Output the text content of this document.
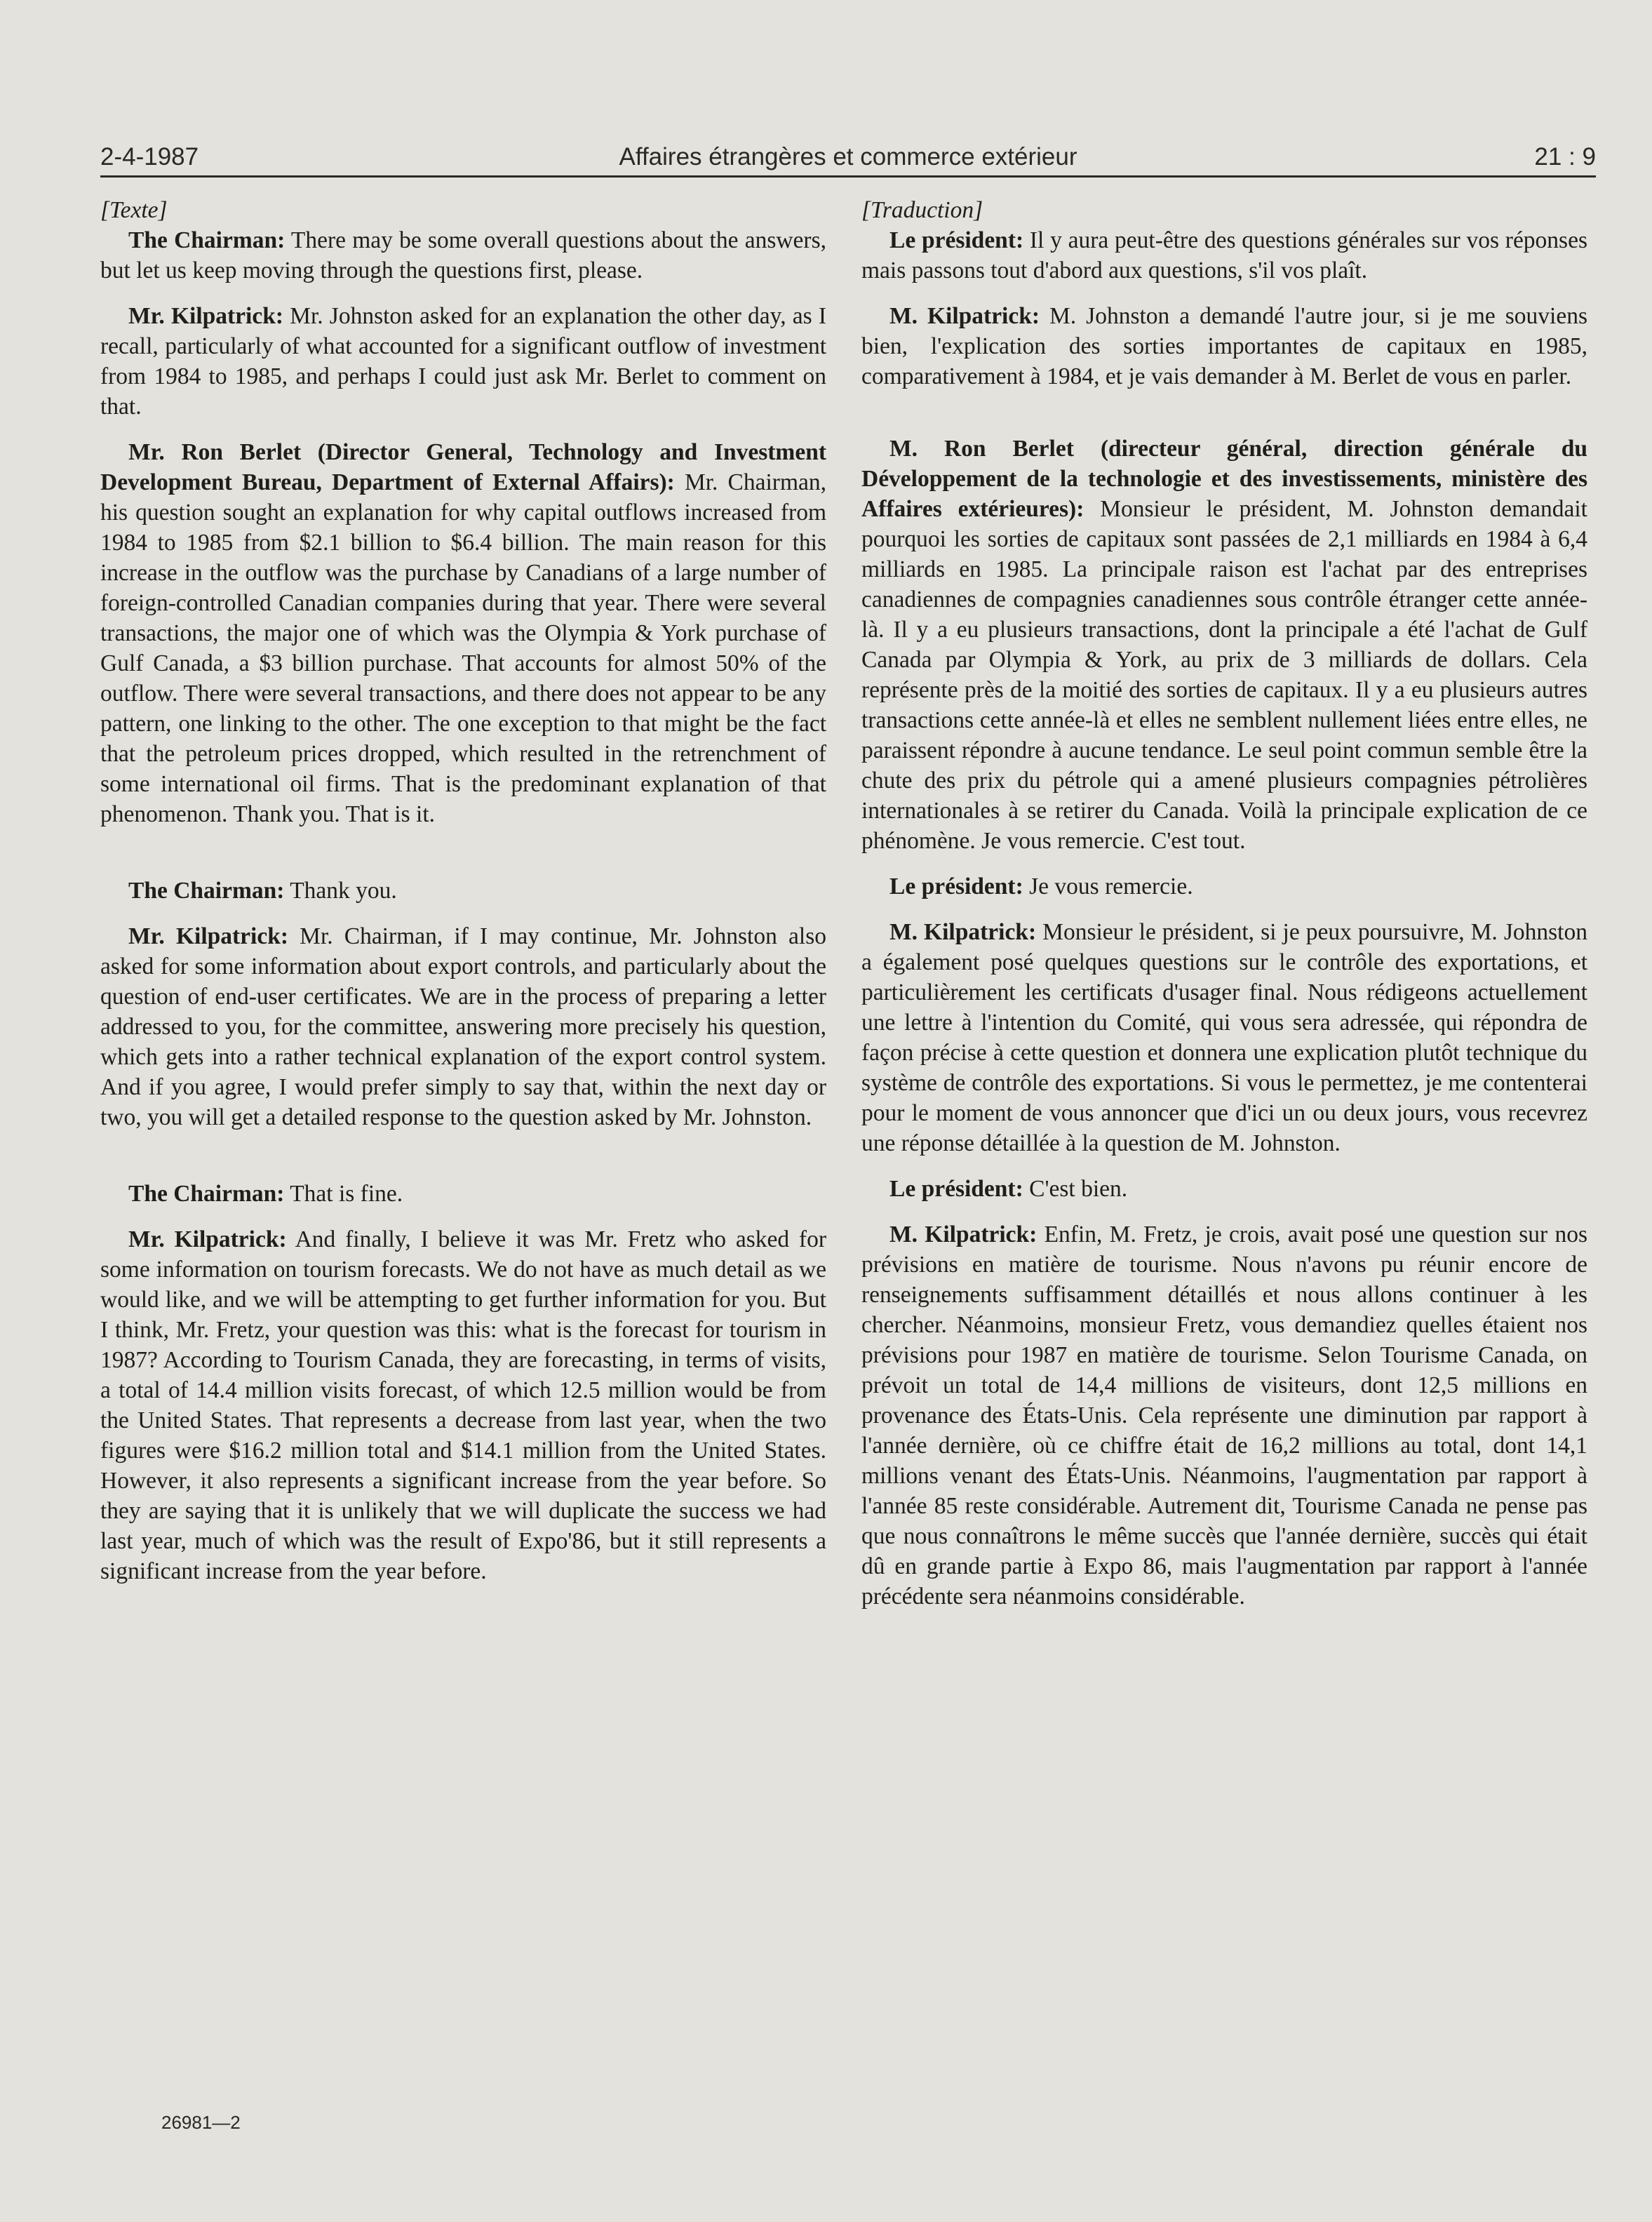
2-4-1987	Affaires étrangères et commerce extérieur	21 : 9

[Texte]

The Chairman: There may be some overall questions about the answers, but let us keep moving through the questions first, please.

Mr. Kilpatrick: Mr. Johnston asked for an explanation the other day, as I recall, particularly of what accounted for a significant outflow of investment from 1984 to 1985, and perhaps I could just ask Mr. Berlet to comment on that.

Mr. Ron Berlet (Director General, Technology and Investment Development Bureau, Department of External Affairs): Mr. Chairman, his question sought an explanation for why capital outflows increased from 1984 to 1985 from $2.1 billion to $6.4 billion. The main reason for this increase in the outflow was the purchase by Canadians of a large number of foreign-controlled Canadian companies during that year. There were several transactions, the major one of which was the Olympia & York purchase of Gulf Canada, a $3 billion purchase. That accounts for almost 50% of the outflow. There were several transactions, and there does not appear to be any pattern, one linking to the other. The one exception to that might be the fact that the petroleum prices dropped, which resulted in the retrenchment of some international oil firms. That is the predominant explanation of that phenomenon. Thank you. That is it.

The Chairman: Thank you.

Mr. Kilpatrick: Mr. Chairman, if I may continue, Mr. Johnston also asked for some information about export controls, and particularly about the question of end-user certificates. We are in the process of preparing a letter addressed to you, for the committee, answering more precisely his question, which gets into a rather technical explanation of the export control system. And if you agree, I would prefer simply to say that, within the next day or two, you will get a detailed response to the question asked by Mr. Johnston.

The Chairman: That is fine.

Mr. Kilpatrick: And finally, I believe it was Mr. Fretz who asked for some information on tourism forecasts. We do not have as much detail as we would like, and we will be attempting to get further information for you. But I think, Mr. Fretz, your question was this: what is the forecast for tourism in 1987? According to Tourism Canada, they are forecasting, in terms of visits, a total of 14.4 million visits forecast, of which 12.5 million would be from the United States. That represents a decrease from last year, when the two figures were $16.2 million total and $14.1 million from the United States. However, it also represents a significant increase from the year before. So they are saying that it is unlikely that we will duplicate the success we had last year, much of which was the result of Expo'86, but it still represents a significant increase from the year before.

[Traduction]

Le président: Il y aura peut-être des questions générales sur vos réponses mais passons tout d'abord aux questions, s'il vos plaît.

M. Kilpatrick: M. Johnston a demandé l'autre jour, si je me souviens bien, l'explication des sorties importantes de capitaux en 1985, comparativement à 1984, et je vais demander à M. Berlet de vous en parler.

M. Ron Berlet (directeur général, direction générale du Développement de la technologie et des investissements, ministère des Affaires extérieures): Monsieur le président, M. Johnston demandait pourquoi les sorties de capitaux sont passées de 2,1 milliards en 1984 à 6,4 milliards en 1985. La principale raison est l'achat par des entreprises canadiennes de compagnies canadiennes sous contrôle étranger cette année-là. Il y a eu plusieurs transactions, dont la principale a été l'achat de Gulf Canada par Olympia & York, au prix de 3 milliards de dollars. Cela représente près de la moitié des sorties de capitaux. Il y a eu plusieurs autres transactions cette année-là et elles ne semblent nullement liées entre elles, ne paraissent répondre à aucune tendance. Le seul point commun semble être la chute des prix du pétrole qui a amené plusieurs compagnies pétrolières internationales à se retirer du Canada. Voilà la principale explication de ce phénomène. Je vous remercie. C'est tout.

Le président: Je vous remercie.

M. Kilpatrick: Monsieur le président, si je peux poursuivre, M. Johnston a également posé quelques questions sur le contrôle des exportations, et particulièrement les certificats d'usager final. Nous rédigeons actuellement une lettre à l'intention du Comité, qui vous sera adressée, qui répondra de façon précise à cette question et donnera une explication plutôt technique du système de contrôle des exportations. Si vous le permettez, je me contenterai pour le moment de vous annoncer que d'ici un ou deux jours, vous recevrez une réponse détaillée à la question de M. Johnston.

Le président: C'est bien.

M. Kilpatrick: Enfin, M. Fretz, je crois, avait posé une question sur nos prévisions en matière de tourisme. Nous n'avons pu réunir encore de renseignements suffisamment détaillés et nous allons continuer à les chercher. Néanmoins, monsieur Fretz, vous demandiez quelles étaient nos prévisions pour 1987 en matière de tourisme. Selon Tourisme Canada, on prévoit un total de 14,4 millions de visiteurs, dont 12,5 millions en provenance des États-Unis. Cela représente une diminution par rapport à l'année dernière, où ce chiffre était de 16,2 millions au total, dont 14,1 millions venant des États-Unis. Néanmoins, l'augmentation par rapport à l'année 85 reste considérable. Autrement dit, Tourisme Canada ne pense pas que nous connaîtrons le même succès que l'année dernière, succès qui était dû en grande partie à Expo 86, mais l'augmentation par rapport à l'année précédente sera néanmoins considérable.

26981—2
